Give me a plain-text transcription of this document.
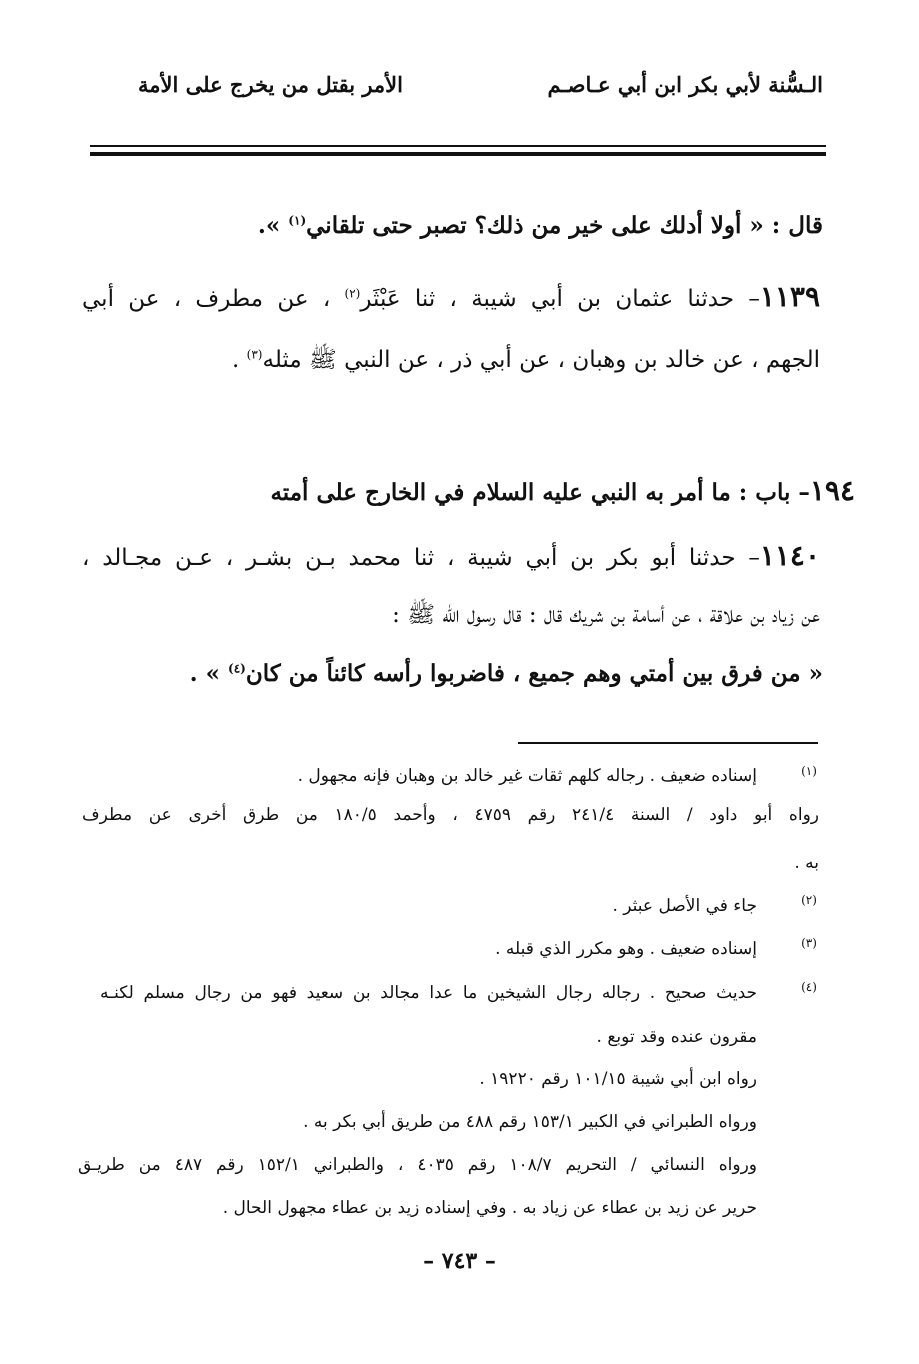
الـسُّنة لأبي بكر ابن أبي عـاصـم
الأمر بقتل من يخرج على الأمة
قال : « أولا أدلك على خير من ذلك؟ تصبر حتى تلقاني$^{(١)}$ ».
١١٣٩– حدثنا عثمان بن أبي شيبة ، ثنا عَبْثَر$^{(٢)}$ ، عن مطرف ، عن أبي
الجهم ، عن خالد بن وهبان ، عن أبي ذر ، عن النبي ﷺ مثله$^{(٣)}$ .
١٩٤– باب : ما أمر به النبي عليه السلام في الخارج على أمته
١١٤٠– حدثنا أبو بكر بن أبي شيبة ، ثنا محمد بـن بشـر ، عـن مجـالد ،
عن زياد بن علاقة ، عن أسامة بن شريك قال : قال رسول الله ﷺ :
« من فرق بين أمتي وهم جميع ، فاضربوا رأسه كائناً من كان$^{(٤)}$ » .
(١)
إسناده ضعيف . رجاله كلهم ثقات غير خالد بن وهبان فإنه مجهول .
رواه أبو داود / السنة ٢٤١/٤ رقم ٤٧٥٩ ، وأحمد ١٨٠/٥ من طرق أخرى عن مطرف
به .
(٢)
جاء في الأصل عبثر .
(٣)
إسناده ضعيف . وهو مكرر الذي قبله .
(٤)
حديث صحيح . رجاله رجال الشيخين ما عدا مجالد بن سعيد فهو من رجال مسلم لكنـه
مقرون عنده وقد توبع .
رواه ابن أبي شيبة ١٠١/١٥ رقم ١٩٢٢٠ .
ورواه الطبراني في الكبير ١٥٣/١ رقم ٤٨٨ من طريق أبي بكر به .
ورواه النسائي / التحريم ١٠٨/٧ رقم ٤٠٣٥ ، والطبراني ١٥٢/١ رقم ٤٨٧ من طريـق
حرير عن زيد بن عطاء عن زياد به . وفي إسناده زيد بن عطاء مجهول الحال .
– ٧٤٣ –
